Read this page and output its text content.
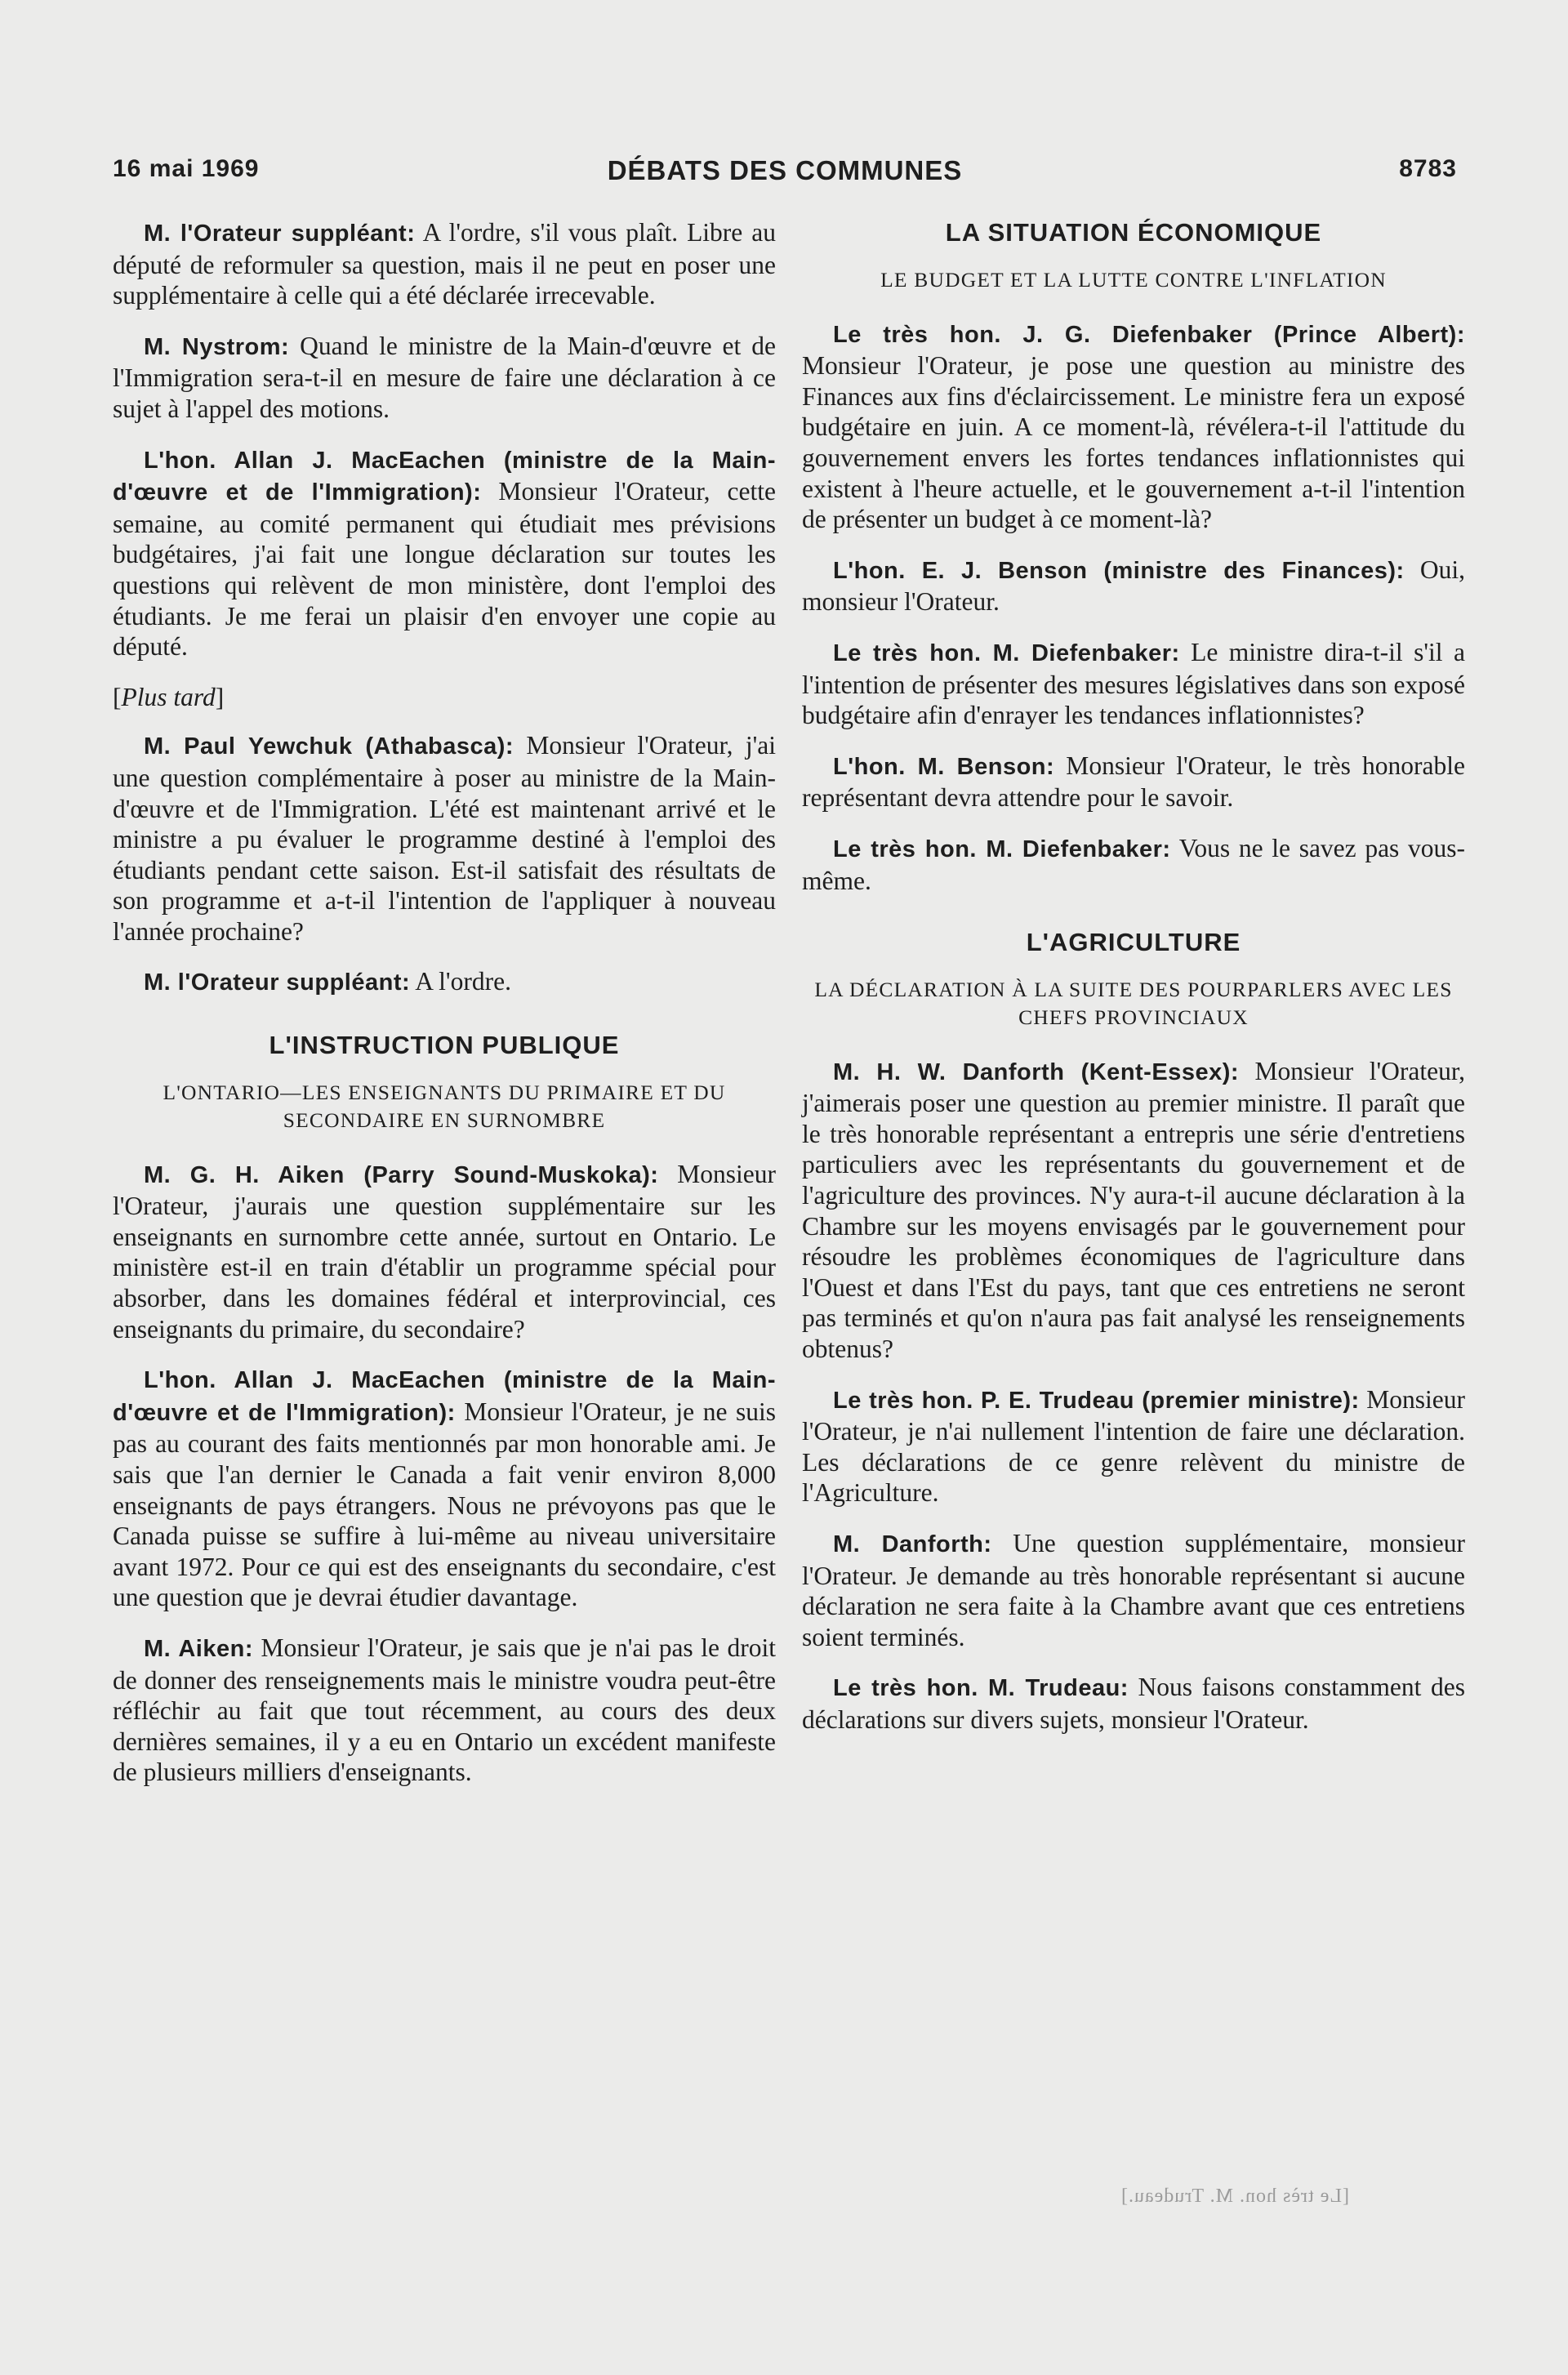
16 mai 1969	DÉBATS DES COMMUNES	8783

M. l'Orateur suppléant: A l'ordre, s'il vous plaît. Libre au député de reformuler sa question, mais il ne peut en poser une supplémentaire à celle qui a été déclarée irrecevable.

M. Nystrom: Quand le ministre de la Main-d'œuvre et de l'Immigration sera-t-il en mesure de faire une déclaration à ce sujet à l'appel des motions.

L'hon. Allan J. MacEachen (ministre de la Main-d'œuvre et de l'Immigration): Monsieur l'Orateur, cette semaine, au comité permanent qui étudiait mes prévisions budgétaires, j'ai fait une longue déclaration sur toutes les questions qui relèvent de mon ministère, dont l'emploi des étudiants. Je me ferai un plaisir d'en envoyer une copie au député.

[Plus tard]

M. Paul Yewchuk (Athabasca): Monsieur l'Orateur, j'ai une question complémentaire à poser au ministre de la Main-d'œuvre et de l'Immigration. L'été est maintenant arrivé et le ministre a pu évaluer le programme destiné à l'emploi des étudiants pendant cette saison. Est-il satisfait des résultats de son programme et a-t-il l'intention de l'appliquer à nouveau l'année prochaine?

M. l'Orateur suppléant: A l'ordre.

L'INSTRUCTION PUBLIQUE
L'ONTARIO—LES ENSEIGNANTS DU PRIMAIRE ET DU SECONDAIRE EN SURNOMBRE

M. G. H. Aiken (Parry Sound-Muskoka): Monsieur l'Orateur, j'aurais une question supplémentaire sur les enseignants en surnombre cette année, surtout en Ontario. Le ministère est-il en train d'établir un programme spécial pour absorber, dans les domaines fédéral et interprovincial, ces enseignants du primaire, du secondaire?

L'hon. Allan J. MacEachen (ministre de la Main-d'œuvre et de l'Immigration): Monsieur l'Orateur, je ne suis pas au courant des faits mentionnés par mon honorable ami. Je sais que l'an dernier le Canada a fait venir environ 8,000 enseignants de pays étrangers. Nous ne prévoyons pas que le Canada puisse se suffire à lui-même au niveau universitaire avant 1972. Pour ce qui est des enseignants du secondaire, c'est une question que je devrai étudier davantage.

M. Aiken: Monsieur l'Orateur, je sais que je n'ai pas le droit de donner des renseignements mais le ministre voudra peut-être réfléchir au fait que tout récemment, au cours des deux dernières semaines, il y a eu en Ontario un excédent manifeste de plusieurs milliers d'enseignants.

LA SITUATION ÉCONOMIQUE
LE BUDGET ET LA LUTTE CONTRE L'INFLATION

Le très hon. J. G. Diefenbaker (Prince Albert): Monsieur l'Orateur, je pose une question au ministre des Finances aux fins d'éclaircissement. Le ministre fera un exposé budgétaire en juin. A ce moment-là, révélera-t-il l'attitude du gouvernement envers les fortes tendances inflationnistes qui existent à l'heure actuelle, et le gouvernement a-t-il l'intention de présenter un budget à ce moment-là?

L'hon. E. J. Benson (ministre des Finances): Oui, monsieur l'Orateur.

Le très hon. M. Diefenbaker: Le ministre dira-t-il s'il a l'intention de présenter des mesures législatives dans son exposé budgétaire afin d'enrayer les tendances inflationnistes?

L'hon. M. Benson: Monsieur l'Orateur, le très honorable représentant devra attendre pour le savoir.

Le très hon. M. Diefenbaker: Vous ne le savez pas vous-même.

L'AGRICULTURE
LA DÉCLARATION À LA SUITE DES POURPARLERS AVEC LES CHEFS PROVINCIAUX

M. H. W. Danforth (Kent-Essex): Monsieur l'Orateur, j'aimerais poser une question au premier ministre. Il paraît que le très honorable représentant a entrepris une série d'entretiens particuliers avec les représentants du gouvernement et de l'agriculture des provinces. N'y aura-t-il aucune déclaration à la Chambre sur les moyens envisagés par le gouvernement pour résoudre les problèmes économiques de l'agriculture dans l'Ouest et dans l'Est du pays, tant que ces entretiens ne seront pas terminés et qu'on n'aura pas fait analysé les renseignements obtenus?

Le très hon. P. E. Trudeau (premier ministre): Monsieur l'Orateur, je n'ai nullement l'intention de faire une déclaration. Les déclarations de ce genre relèvent du ministre de l'Agriculture.

M. Danforth: Une question supplémentaire, monsieur l'Orateur. Je demande au très honorable représentant si aucune déclaration ne sera faite à la Chambre avant que ces entretiens soient terminés.

Le très hon. M. Trudeau: Nous faisons constamment des déclarations sur divers sujets, monsieur l'Orateur.

[Le très hon. M. Trudeau.]
